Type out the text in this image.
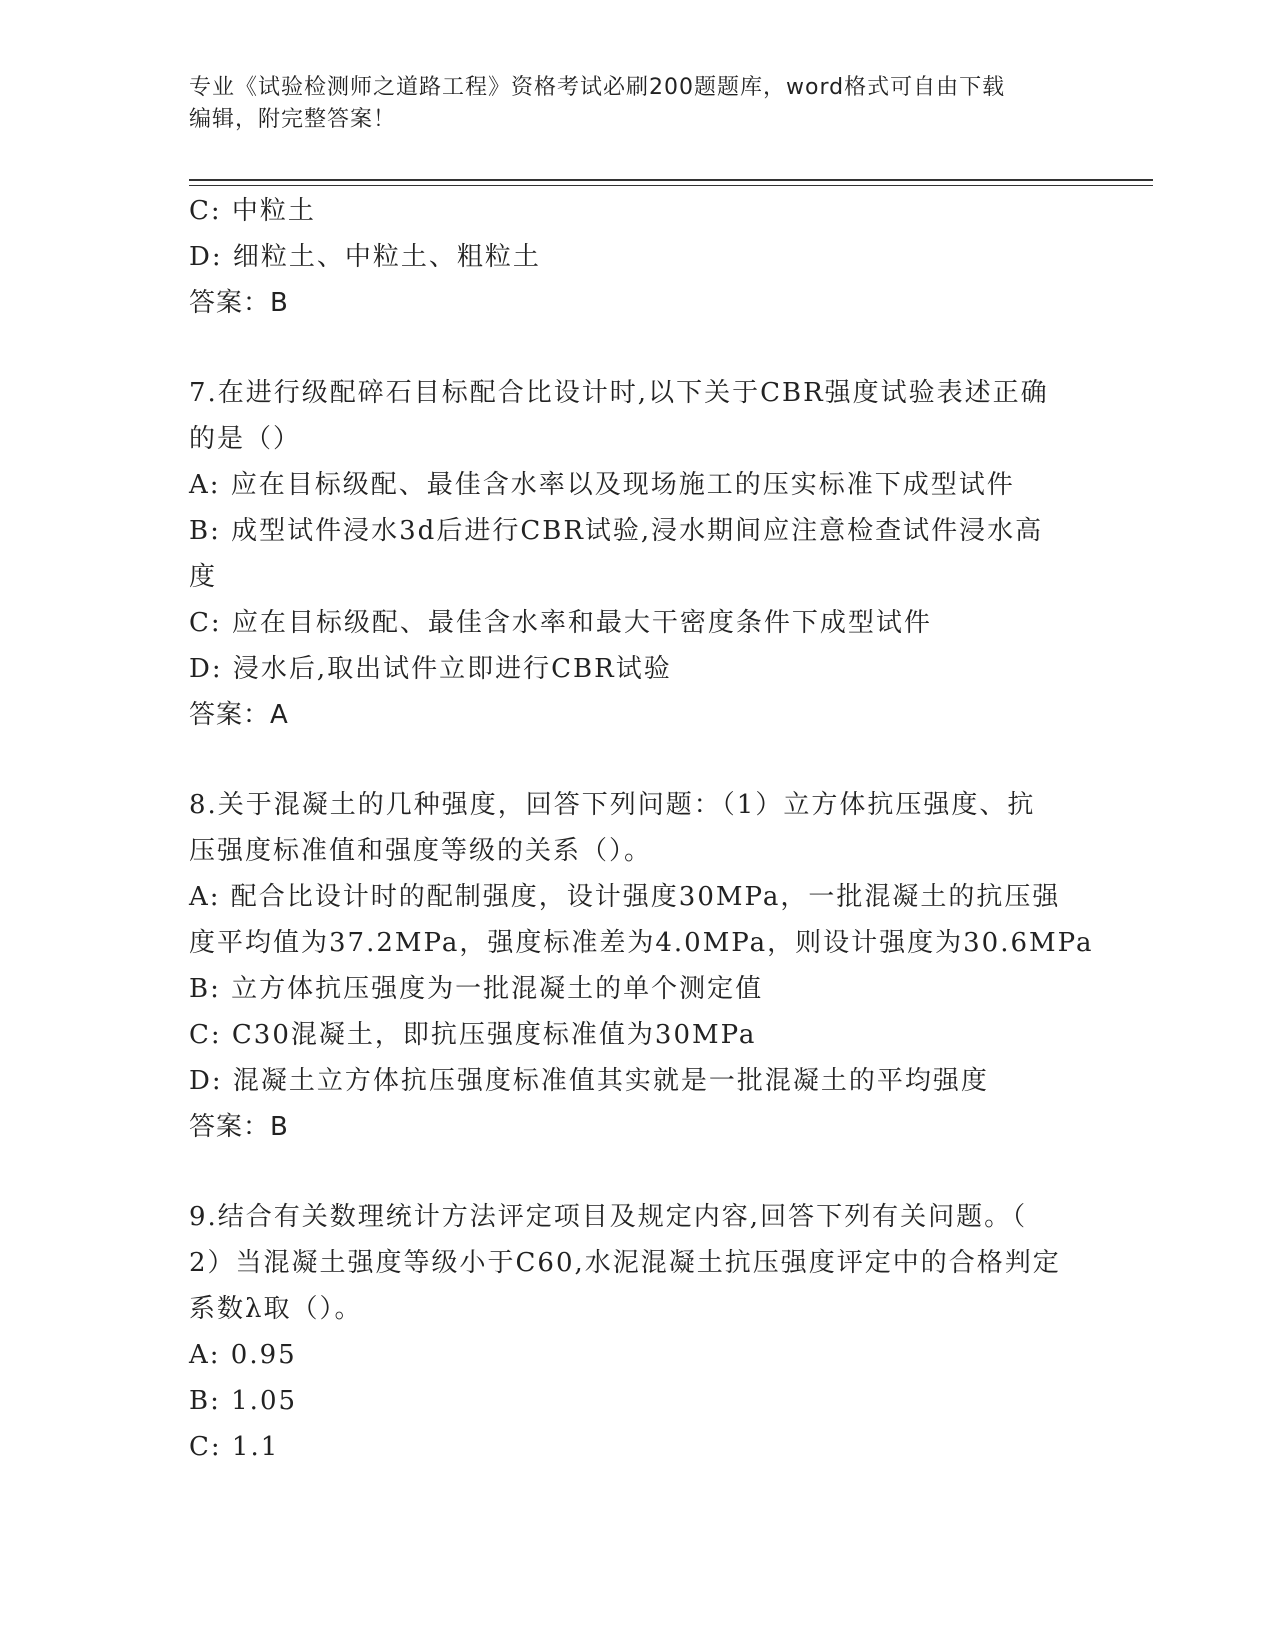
专业《试验检测师之道路工程》资格考试必刷200题题库，word格式可自由下载
编辑，附完整答案！
C: 中粒土
D: 细粒土、中粒土、粗粒土
答案：B
7.在进行级配碎石目标配合比设计时,以下关于CBR强度试验表述正确
的是（）
A: 应在目标级配、最佳含水率以及现场施工的压实标准下成型试件
B: 成型试件浸水3d后进行CBR试验,浸水期间应注意检查试件浸水高
度
C: 应在目标级配、最佳含水率和最大干密度条件下成型试件
D: 浸水后,取出试件立即进行CBR试验
答案：A
8.关于混凝土的几种强度，回答下列问题：（1）立方体抗压强度、抗
压强度标准值和强度等级的关系（）。
A: 配合比设计时的配制强度，设计强度30MPa，一批混凝土的抗压强
度平均值为37.2MPa，强度标准差为4.0MPa，则设计强度为30.6MPa
B: 立方体抗压强度为一批混凝土的单个测定值
C: C30混凝土，即抗压强度标准值为30MPa
D: 混凝土立方体抗压强度标准值其实就是一批混凝土的平均强度
答案：B
9.结合有关数理统计方法评定项目及规定内容,回答下列有关问题。（
2）当混凝土强度等级小于C60,水泥混凝土抗压强度评定中的合格判定
系数λ取（）。
A: 0.95
B: 1.05
C: 1.1
